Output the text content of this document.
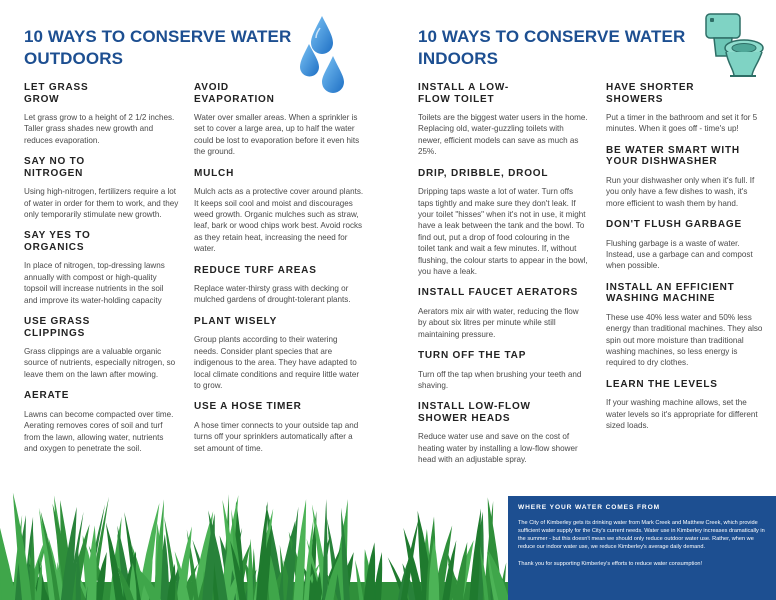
10 WAYS TO CONSERVE WATER OUTDOORS
10 WAYS TO CONSERVE WATER INDOORS
LET GRASS GROW

Let grass grow to a height of 2 1/2 inches. Taller grass shades new growth and reduces evaporation.

SAY NO TO NITROGEN

Using high-nitrogen, fertilizers require a lot of water in order for them to work, and they only temporarily stimulate new growth.

SAY YES TO ORGANICS

In place of nitrogen, top-dressing lawns annually with compost or high-quality topsoil will increase nutrients in the soil and improve its water-holding capacity

USE GRASS CLIPPINGS

Grass clippings are a valuable organic source of nutrients, especially nitrogen, so leave them on the lawn after mowing.

AERATE

Lawns can become compacted over time. Aerating removes cores of soil and turf from the lawn, allowing water, nutrients and oxygen to penetrate the soil.

AVOID EVAPORATION

Water over smaller areas. When a sprinkler is set to cover a large area, up to half the water could be lost to evaporation before it even hits the ground.

MULCH

Mulch acts as a protective cover around plants. It keeps soil cool and moist and discourages weed growth. Organic mulches such as straw, leaf, bark or wood chips work best. Avoid rocks as they retain heat, increasing the need for water.

REDUCE TURF AREAS

Replace water-thirsty grass with decking or mulched gardens of drought-tolerant plants.

PLANT WISELY

Group plants according to their watering needs. Consider plant species that are indigenous to the area. They have adapted to local climate conditions and require little water to grow.

USE A HOSE TIMER

A hose timer connects to your outside tap and turns off your sprinklers automatically after a set amount of time.

INSTALL A LOW-FLOW TOILET

Toilets are the biggest water users in the home. Replacing old, water-guzzling toilets with newer, efficient models can save as much as 25%.

DRIP, DRIBBLE, DROOL

Dripping taps waste a lot of water. Turn offs taps tightly and make sure they don't leak. If your toilet "hisses" when it's not in use, it might have a leak between the tank and the bowl. To find out, put a drop of food colouring in the toilet tank and wait a few minutes. If, without flushing, the colour starts to appear in the bowl, you have a leak.

INSTALL FAUCET AERATORS

Aerators mix air with water, reducing the flow by about six litres per minute while still maintaining pressure.

TURN OFF THE TAP

Turn off the tap when brushing your teeth and shaving.

INSTALL LOW-FLOW SHOWER HEADS

Reduce water use and save on the cost of heating water by installing a low-flow shower head with an adjustable spray.

HAVE SHORTER SHOWERS

Put a timer in the bathroom and set it for 5 minutes. When it goes off - time's up!

BE WATER SMART WITH YOUR DISHWASHER

Run your dishwasher only when it's full. If you only have a few dishes to wash, it's more efficient to wash them by hand.

DON'T FLUSH GARBAGE

Flushing garbage is a waste of water. Instead, use a garbage can and compost when possible.

INSTALL AN EFFICIENT WASHING MACHINE

These use 40% less water and 50% less energy than traditional machines. They also spin out more moisture than traditional washing machines, so less energy is required to dry clothes.

LEARN THE LEVELS

If your washing machine allows, set the water levels so it's appropriate for different sized loads.

WHERE YOUR WATER COMES FROM

The City of Kimberley gets its drinking water from Mark Creek and Matthew Creek, which provide sufficient water supply for the City's current needs. Water use in Kimberley increases dramatically in the summer - but this doesn't mean we should only reduce outdoor water use. Rather, when we reduce our indoor water use, we reduce Kimberley's average daily demand.

Thank you for supporting Kimberley's efforts to reduce water consumption!
